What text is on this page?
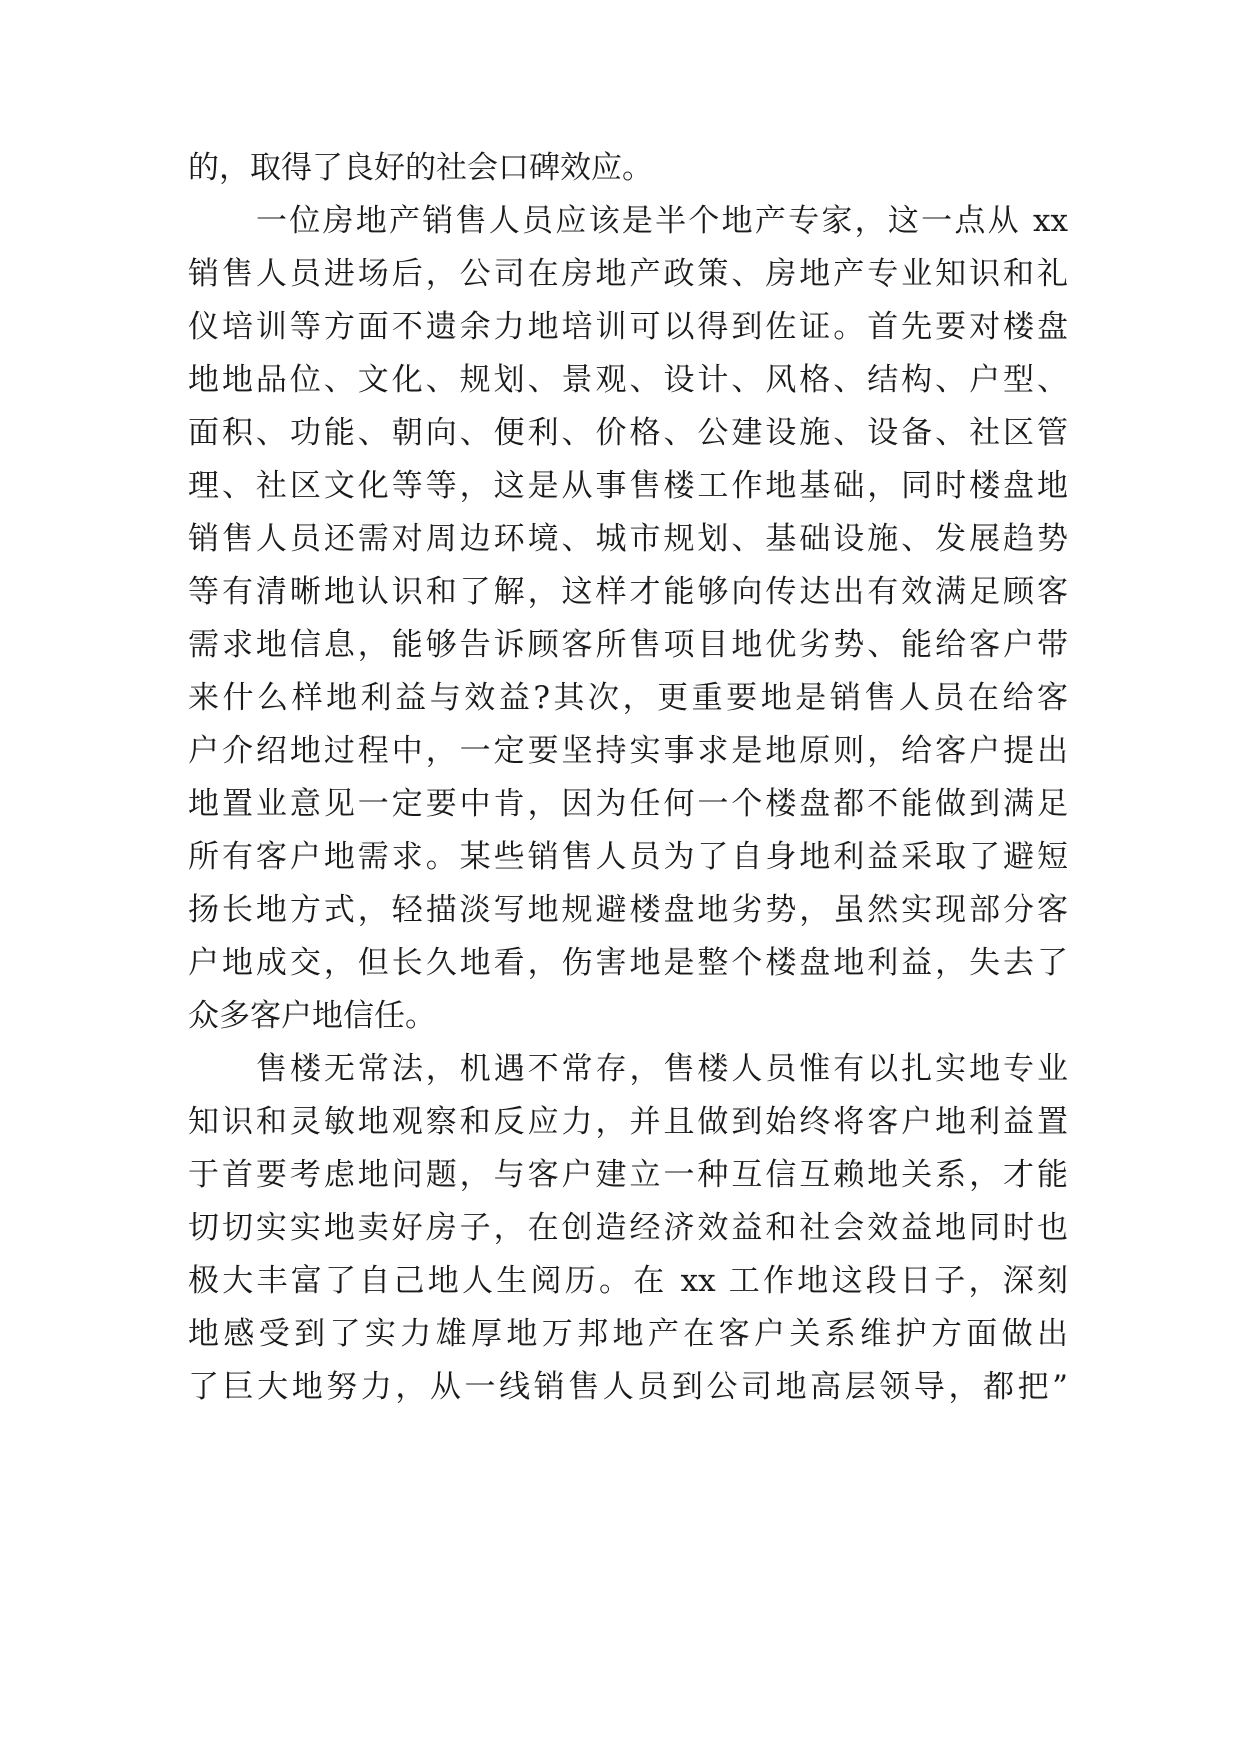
的，取得了良好的社会口碑效应。
一位房地产销售人员应该是半个地产专家，这一点从 xx
销售人员进场后，公司在房地产政策、房地产专业知识和礼
仪培训等方面不遗余力地培训可以得到佐证。首先要对楼盘
地地品位、文化、规划、景观、设计、风格、结构、户型、
面积、功能、朝向、便利、价格、公建设施、设备、社区管
理、社区文化等等，这是从事售楼工作地基础，同时楼盘地
销售人员还需对周边环境、城市规划、基础设施、发展趋势
等有清晰地认识和了解，这样才能够向传达出有效满足顾客
需求地信息，能够告诉顾客所售项目地优劣势、能给客户带
来什么样地利益与效益?其次，更重要地是销售人员在给客
户介绍地过程中，一定要坚持实事求是地原则，给客户提出
地置业意见一定要中肯，因为任何一个楼盘都不能做到满足
所有客户地需求。某些销售人员为了自身地利益采取了避短
扬长地方式，轻描淡写地规避楼盘地劣势，虽然实现部分客
户地成交，但长久地看，伤害地是整个楼盘地利益，失去了
众多客户地信任。
售楼无常法，机遇不常存，售楼人员惟有以扎实地专业
知识和灵敏地观察和反应力，并且做到始终将客户地利益置
于首要考虑地问题，与客户建立一种互信互赖地关系，才能
切切实实地卖好房子，在创造经济效益和社会效益地同时也
极大丰富了自己地人生阅历。在 xx 工作地这段日子，深刻
地感受到了实力雄厚地万邦地产在客户关系维护方面做出
了巨大地努力，从一线销售人员到公司地高层领导，都把”
